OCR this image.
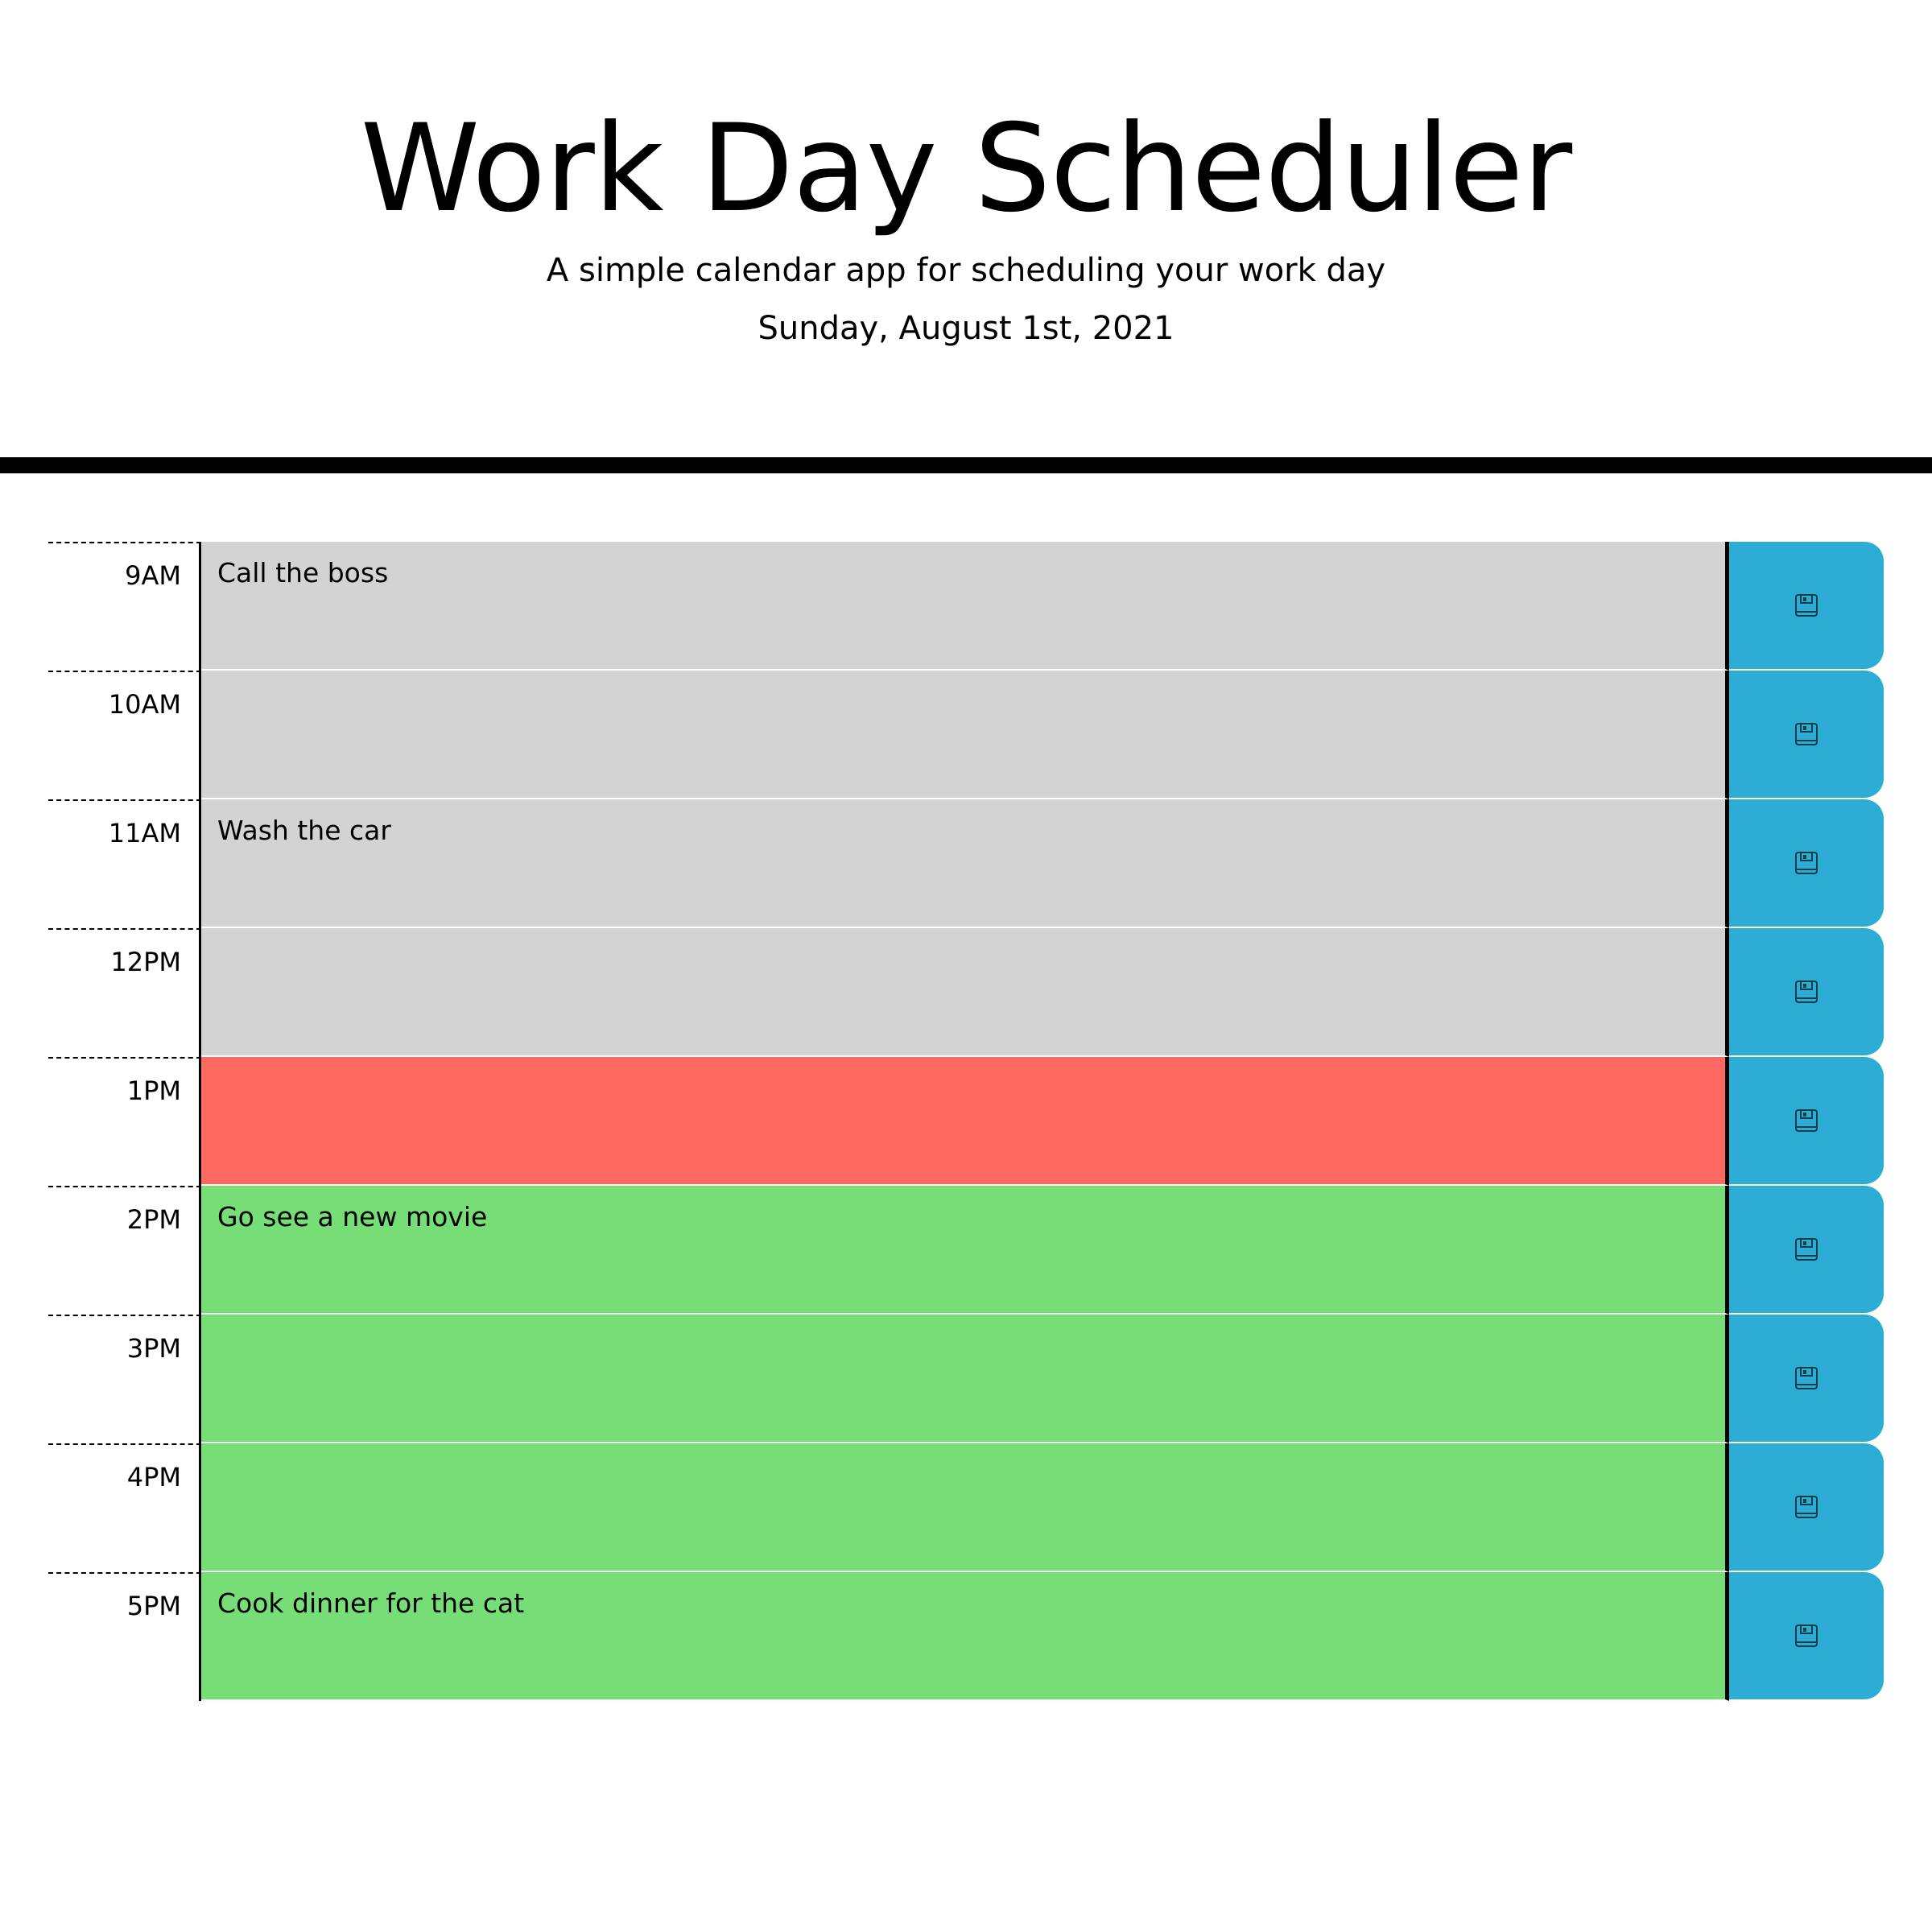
Work Day Scheduler

A simple calendar app for scheduling your work day

Sunday, August 1st, 2021

9AM
Call the boss
10AM
11AM
Wash the car
12PM
1PM
2PM
Go see a new movie
3PM
4PM
5PM
Cook dinner for the cat
